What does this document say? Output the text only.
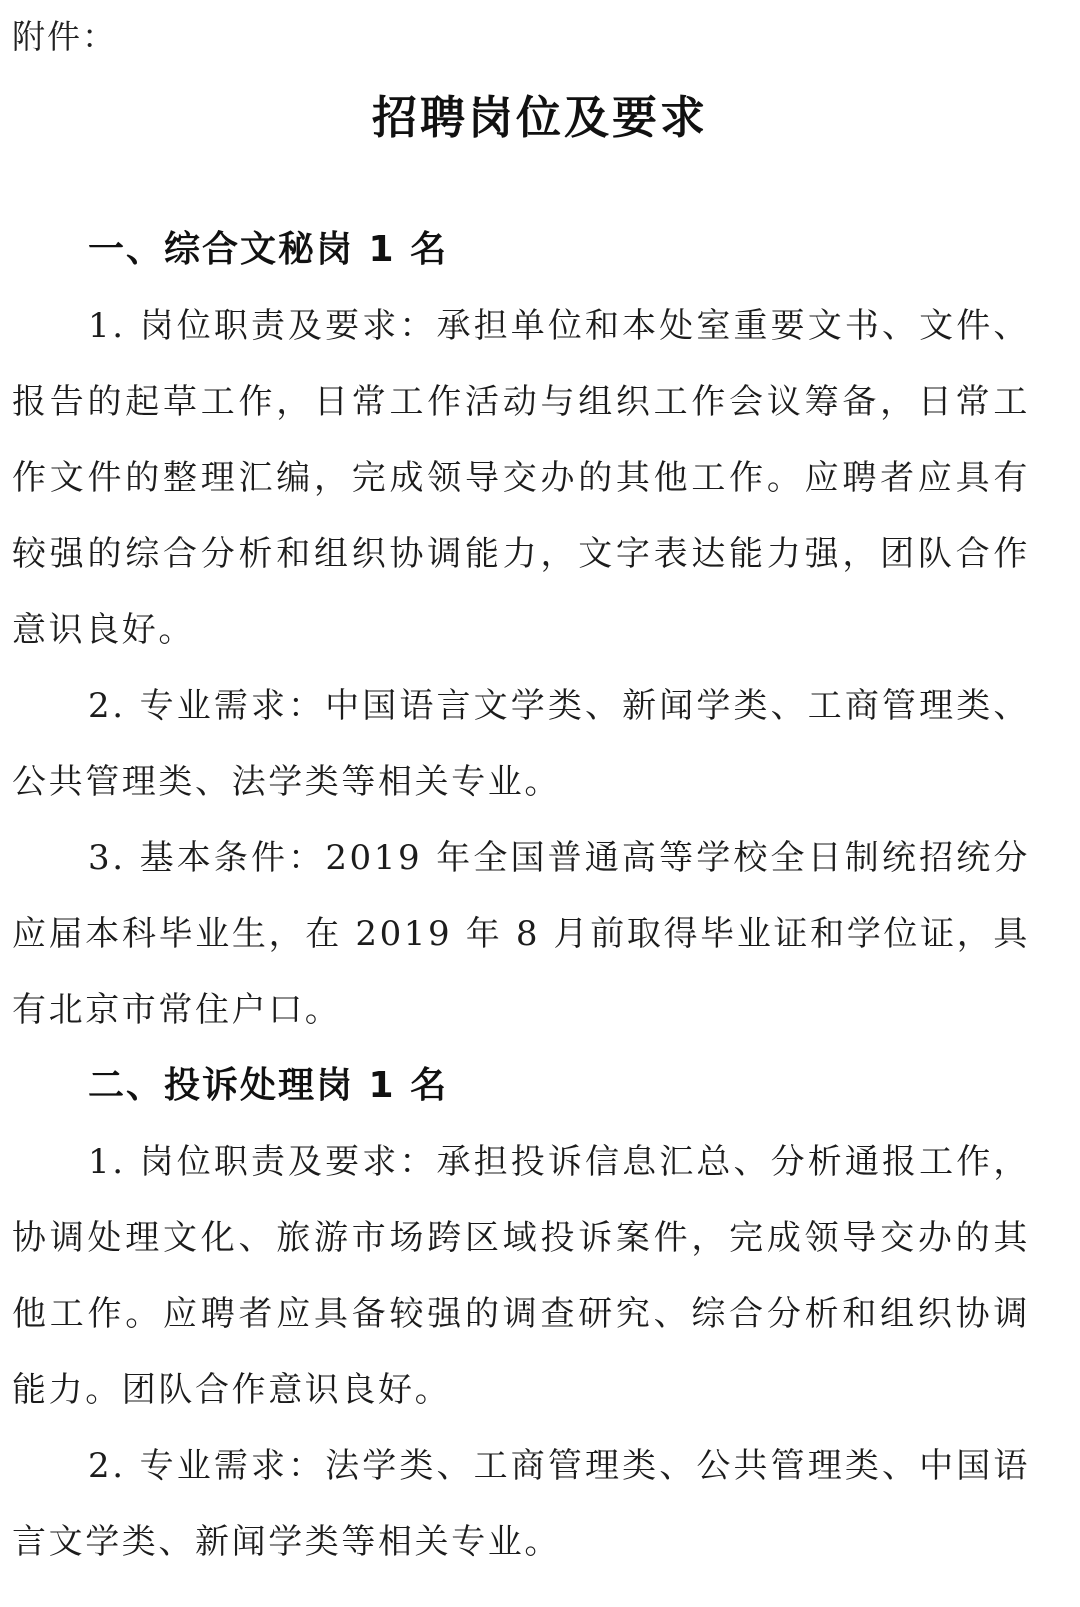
附件：
招聘岗位及要求

一、综合文秘岗 1 名

1. 岗位职责及要求：承担单位和本处室重要文书、文件、报告的起草工作，日常工作活动与组织工作会议筹备，日常工作文件的整理汇编，完成领导交办的其他工作。应聘者应具有较强的综合分析和组织协调能力，文字表达能力强，团队合作意识良好。

2. 专业需求：中国语言文学类、新闻学类、工商管理类、公共管理类、法学类等相关专业。

3. 基本条件：2019 年全国普通高等学校全日制统招统分应届本科毕业生，在 2019 年 8 月前取得毕业证和学位证，具有北京市常住户口。

二、投诉处理岗 1 名

1. 岗位职责及要求：承担投诉信息汇总、分析通报工作，协调处理文化、旅游市场跨区域投诉案件，完成领导交办的其他工作。应聘者应具备较强的调查研究、综合分析和组织协调能力。团队合作意识良好。

2. 专业需求：法学类、工商管理类、公共管理类、中国语言文学类、新闻学类等相关专业。
